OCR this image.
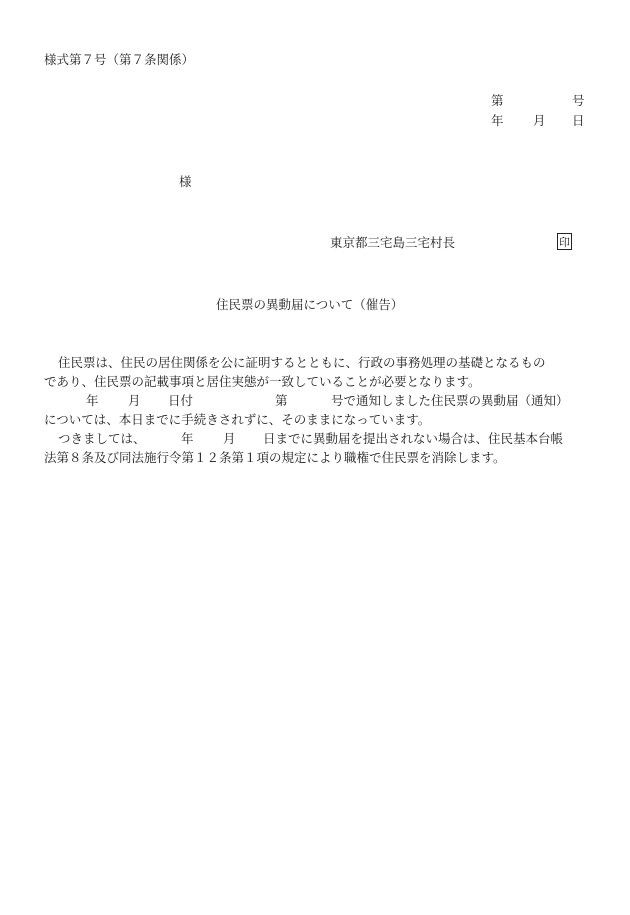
様式第７号（第７条関係）
第	号
年 月 日
様
東京都三宅島三宅村長	印
住民票の異動届について（催告）
住民票は、住民の居住関係を公に証明するとともに、行政の事務処理の基礎となるもの
であり、住民票の記載事項と居住実態が一致していることが必要となります。
年 月 日付	第	号で通知しました住民票の異動届（通知）
については、本日までに手続きされずに、そのままになっています。
つきましては、	年 月 日までに異動届を提出されない場合は、住民基本台帳
法第８条及び同法施行令第１２条第１項の規定により職権で住民票を消除します。
